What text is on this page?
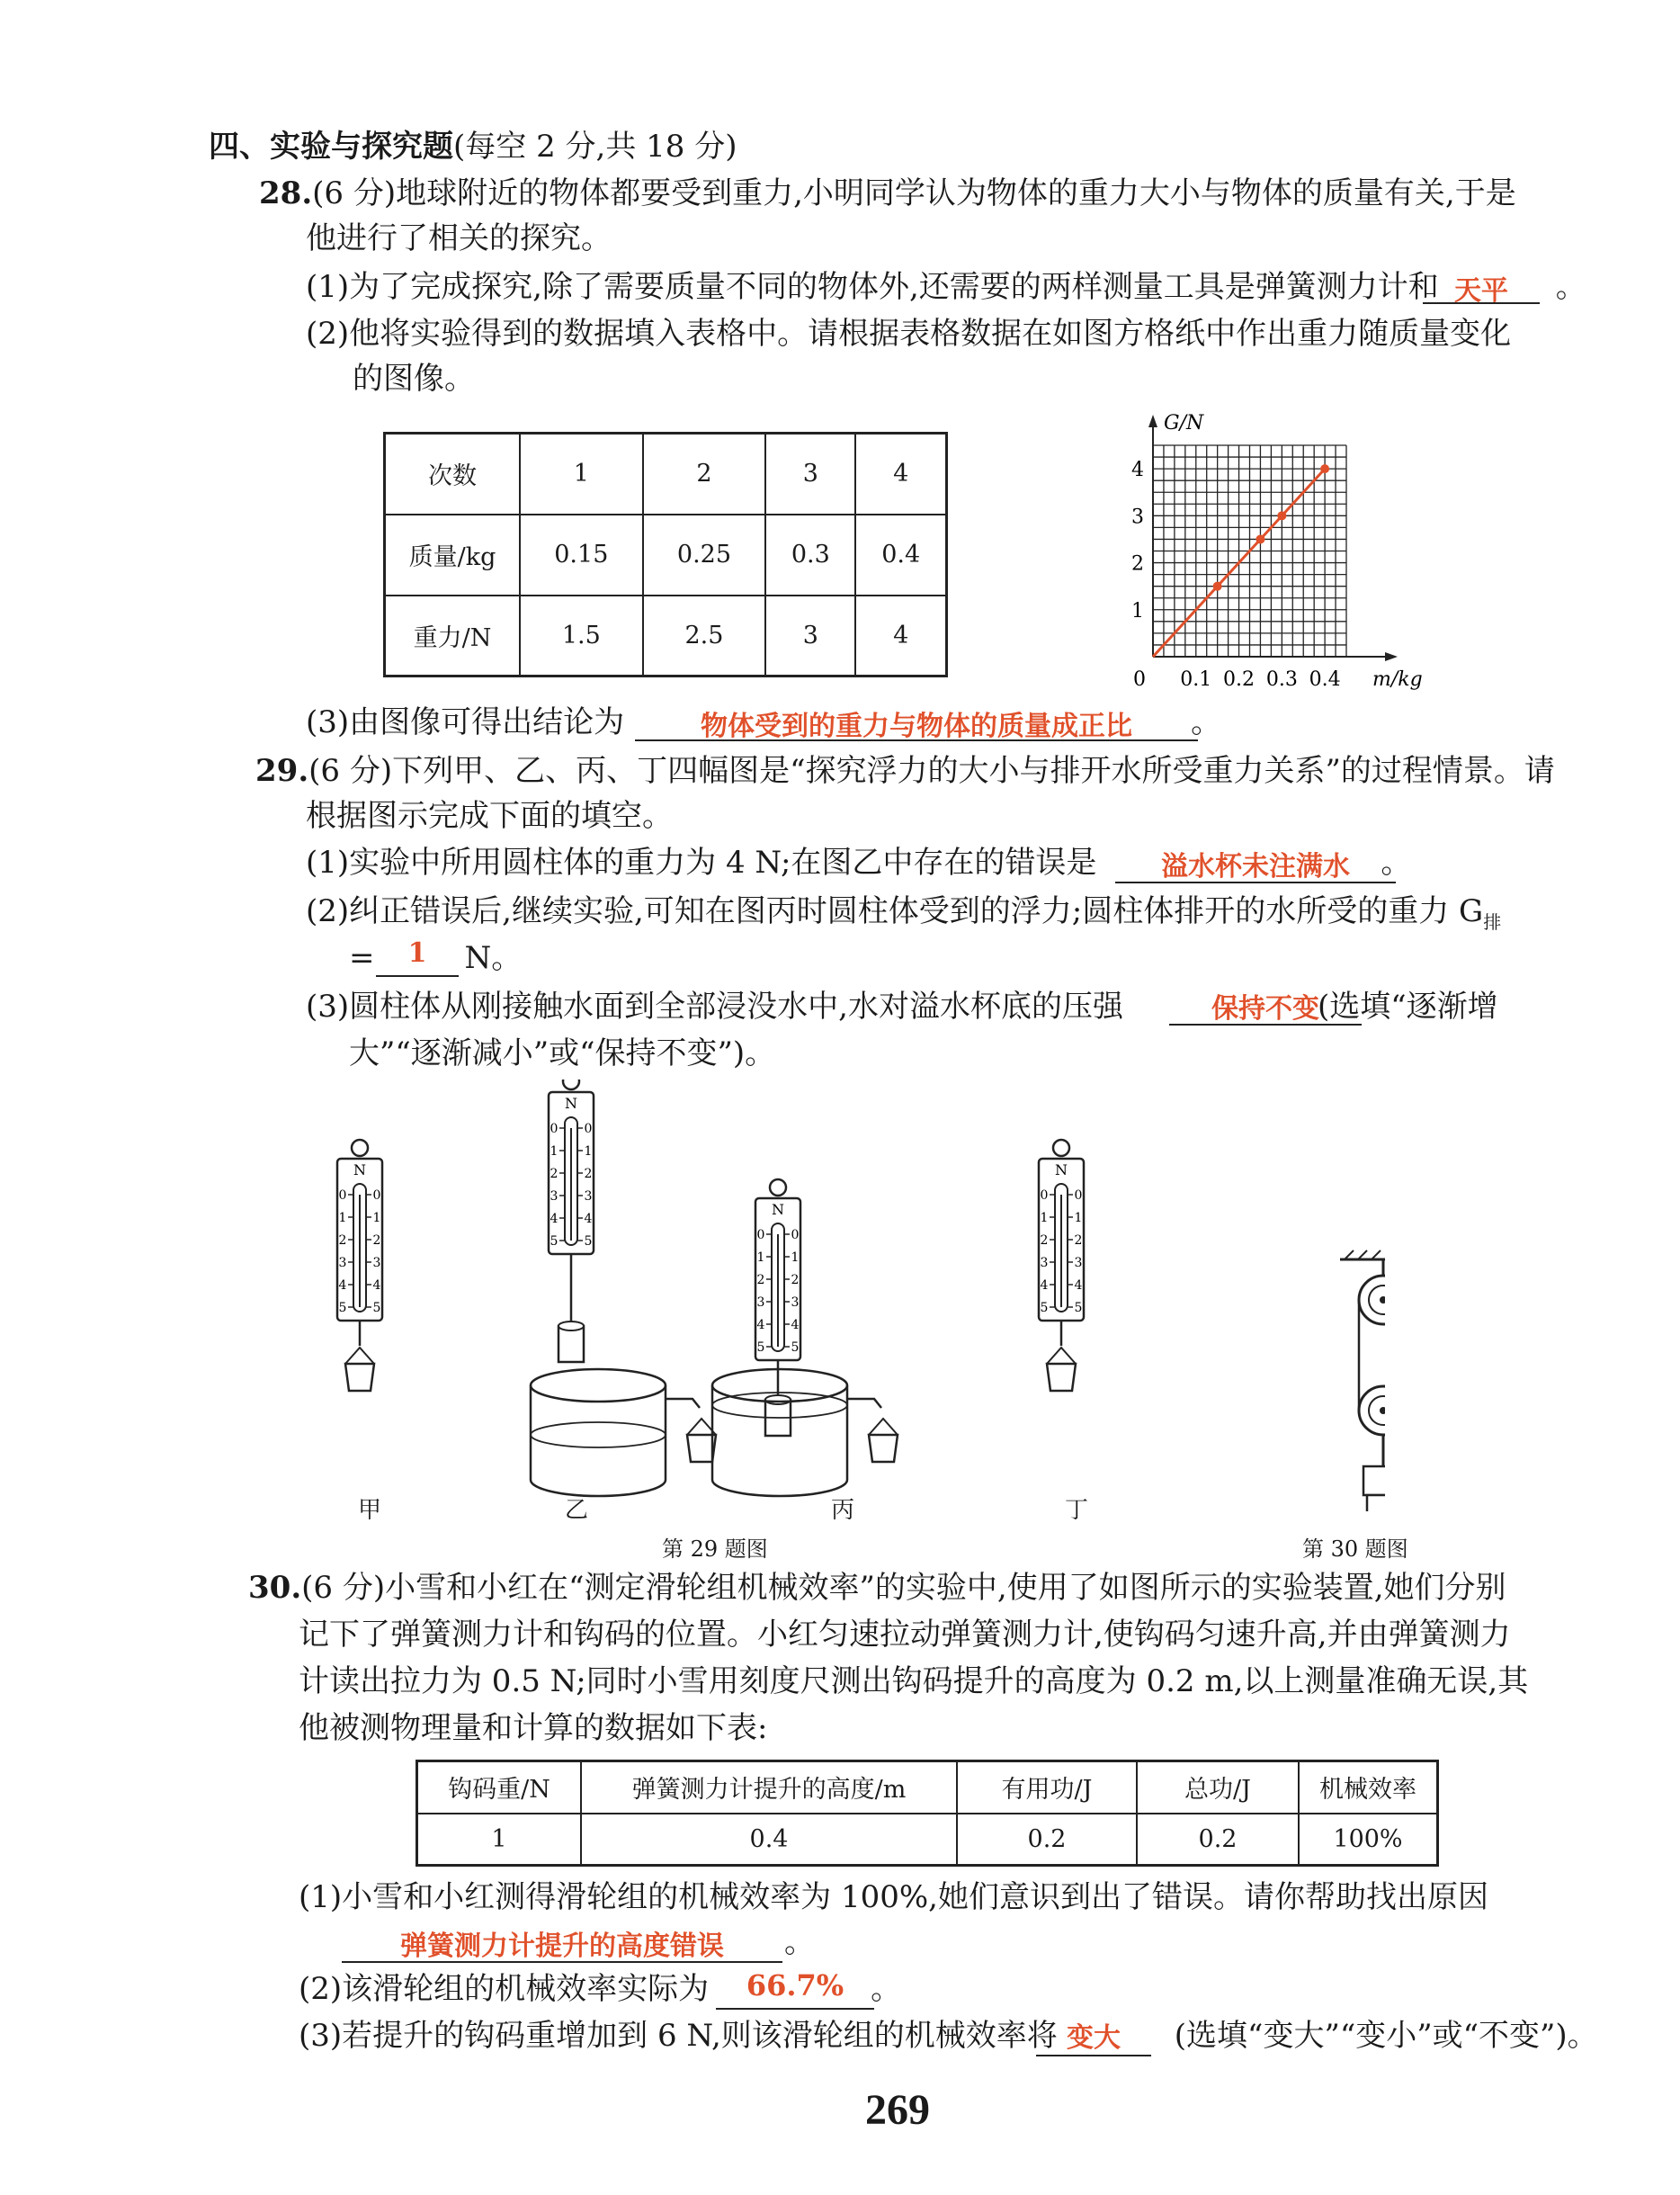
四、实验与探究题(每空 2 分,共 18 分)
28.(6 分)地球附近的物体都要受到重力,小明同学认为物体的重力大小与物体的质量有关,于是
他进行了相关的探究。
(1)为了完成探究,除了需要质量不同的物体外,还需要的两样测量工具是弹簧测力计和	。
天平
(2)他将实验得到的数据填入表格中。请根据表格数据在如图方格纸中作出重力随质量变化
的图像。
次数	1	2	3	4
质量/kg	0.15	0.25	0.3	0.4
重力/N	1.5	2.5	3	4
G/N
m/kg
0 0.1 0.2 0.3 0.4
1
2
3
4
(3)由图像可得出结论为	。
物体受到的重力与物体的质量成正比
29.(6 分)下列甲、乙、丙、丁四幅图是“探究浮力的大小与排开水所受重力关系”的过程情景。请
根据图示完成下面的填空。
(1)实验中所用圆柱体的重力为 4 N;在图乙中存在的错误是	。
溢水杯未注满水
(2)纠正错误后,继续实验,可知在图丙时圆柱体受到的浮力;圆柱体排开的水所受的重力 $G_排$
=	N。
1
(3)圆柱体从刚接触水面到全部浸没水中,水对溢水杯底的压强	(选填“逐渐增
保持不变
大”“逐渐减小”或“保持不变”)。
N
0 0
1 1
2 2
3 3
4 4
5 5
N
0 0
1 1
2 2
3 3
4 4
5 5
N
0 0
1 1
2 2
3 3
4 4
5 5
N
0 0
1 1
2 2
3 3
4 4
5 5
甲	乙	丙	丁
第 29 题图	第 30 题图
30.(6 分)小雪和小红在“测定滑轮组机械效率”的实验中,使用了如图所示的实验装置,她们分别
记下了弹簧测力计和钩码的位置。小红匀速拉动弹簧测力计,使钩码匀速升高,并由弹簧测力
计读出拉力为 0.5 N;同时小雪用刻度尺测出钩码提升的高度为 0.2 m,以上测量准确无误,其
他被测物理量和计算的数据如下表:
钩码重/N	弹簧测力计提升的高度/m	有用功/J	总功/J	机械效率
1	0.4	0.2	0.2	100%
(1)小雪和小红测得滑轮组的机械效率为 100%,她们意识到出了错误。请你帮助找出原因
。
弹簧测力计提升的高度错误
(2)该滑轮组的机械效率实际为	。
66.7%
(3)若提升的钩码重增加到 6 N,则该滑轮组的机械效率将	(选填“变大”“变小”或“不变”)。
变大
269
